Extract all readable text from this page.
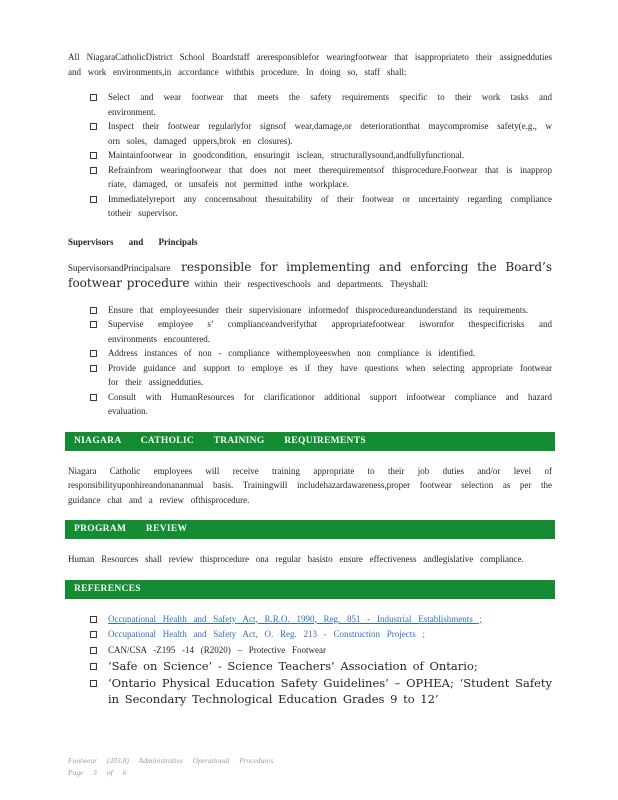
All NiagaraCatholicDistrict School Boardstaff areresponsiblefor wearingfootwear that isappropriateto their assignedduties and work environments,in accordance withthis procedure. In doing so, staff shall:

Select and wear footwear that meets the safety requirements specific to their work tasks and environment.
Inspect their footwear regularlyfor signsof wear,damage,or deteriorationthat maycompromise safety(e.g., w orn soles, damaged uppers,brok en closures).
Maintainfootwear in goodcondition, ensuringit isclean, structurallysound,andfullyfunctional.
Refrainfrom wearingfootwear that does not meet therequirementsof thisprocedure.Footwear that is inapprop riate, damaged, or unsafeis not permitted inthe workplace.
Immediatelyreport any concernsabout thesuitability of their footwear or uncertainty regarding compliance totheir supervisor.
Supervisors and Principals

SupervisorsandPrincipalsare responsible for implementing and enforcing the Board’s footwear procedure within their respectiveschools and departments. Theyshall:

Ensure that employeesunder their supervisionare informedof thisprocedureandunderstand its requirements.
Supervise employee s’ complianceandverifythat appropriatefootwear iswornfor thespecificrisks and environments encountered.
Address instances of non - compliance withemployeeswhen non compliance is identified.
Provide guidance and support to employe es if they have questions when selecting appropriate footwear for their assignedduties.
Consult with HumanResources for clarificationor additional support infootwear compliance and hazard evaluation.
NIAGARA CATHOLIC TRAINING REQUIREMENTS

Niagara Catholic employees will receive training appropriate to their job duties and/or level of responsibilityuponhireandonanannual basis. Trainingwill includehazardawareness,proper footwear selection as per the guidance chat and a review ofthisprocedure.

PROGRAM REVIEW

Human Resources shall review thisprocedure ona regular basisto ensure effectiveness andlegislative compliance.

REFERENCES
Occupational Health and Safety Act, R.R.O. 1990, Reg. 851 - Industrial Establishments ;
Occupational Health and Safety Act, O. Reg. 213 - Construction Projects ;
CAN/CSA -Z195 -14 (R2020) – Protective Footwear
‘Safe on Science’ - Science Teachers’ Association of Ontario;
‘Ontario Physical Education Safety Guidelines’ – OPHEA; ‘Student Safety in Secondary Technological Education Grades 9 to 12’
Footwear (203.8) Administrative Operational Procedures
Page 5 of 6
